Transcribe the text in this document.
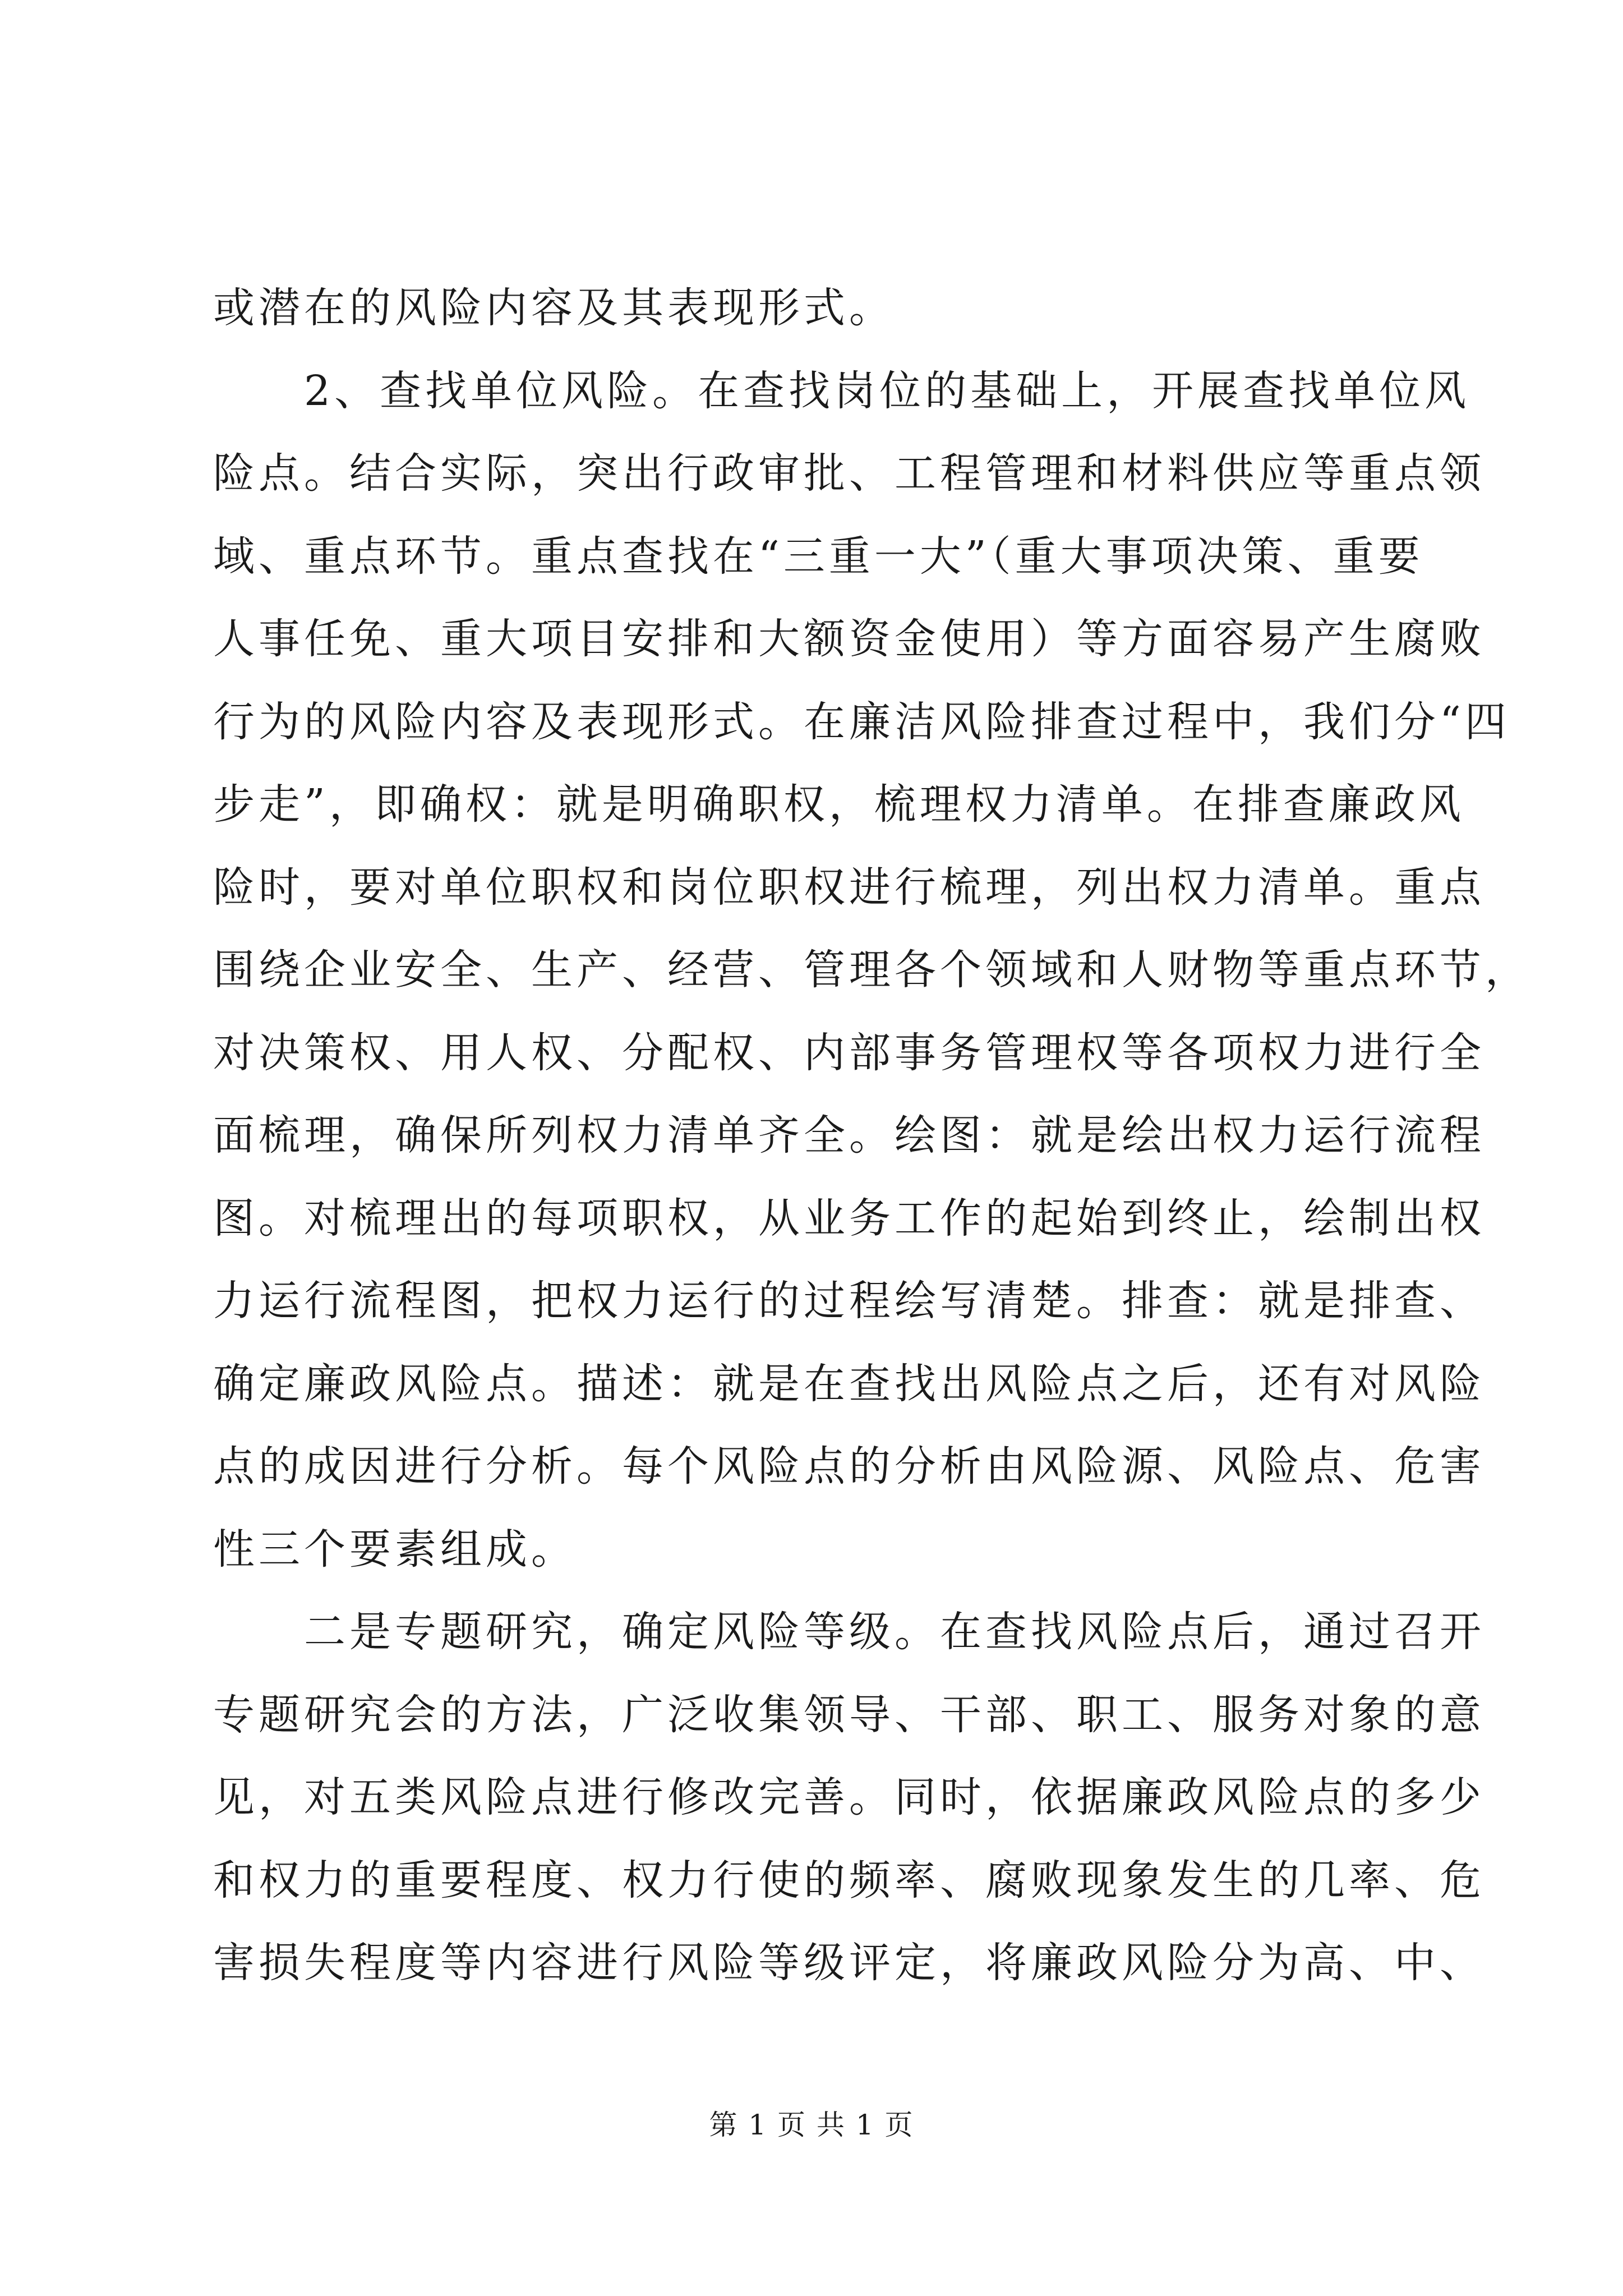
或潜在的风险内容及其表现形式。
　　2、查找单位风险。在查找岗位的基础上，开展查找单位风
险点。结合实际，突出行政审批、工程管理和材料供应等重点领
域、重点环节。重点查找在“三重一大”（重大事项决策、重要
人事任免、重大项目安排和大额资金使用）等方面容易产生腐败
行为的风险内容及表现形式。在廉洁风险排查过程中，我们分“四
步走”，即确权：就是明确职权，梳理权力清单。在排查廉政风
险时，要对单位职权和岗位职权进行梳理，列出权力清单。重点
围绕企业安全、生产、经营、管理各个领域和人财物等重点环节，
对决策权、用人权、分配权、内部事务管理权等各项权力进行全
面梳理，确保所列权力清单齐全。绘图：就是绘出权力运行流程
图。对梳理出的每项职权，从业务工作的起始到终止，绘制出权
力运行流程图，把权力运行的过程绘写清楚。排查：就是排查、
确定廉政风险点。描述：就是在查找出风险点之后，还有对风险
点的成因进行分析。每个风险点的分析由风险源、风险点、危害
性三个要素组成。
　　二是专题研究，确定风险等级。在查找风险点后，通过召开
专题研究会的方法，广泛收集领导、干部、职工、服务对象的意
见，对五类风险点进行修改完善。同时，依据廉政风险点的多少
和权力的重要程度、权力行使的频率、腐败现象发生的几率、危
害损失程度等内容进行风险等级评定，将廉政风险分为高、中、
第 1 页 共 1 页
